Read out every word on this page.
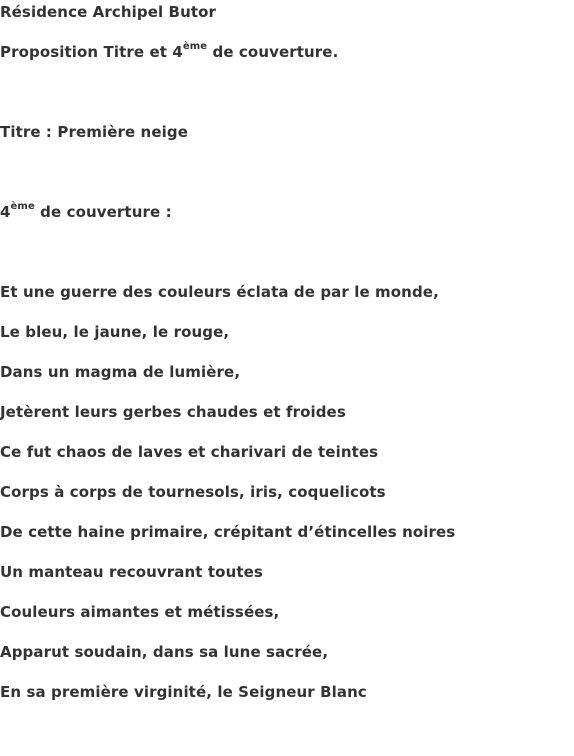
Résidence Archipel Butor
Proposition Titre et 4ème de couverture.
Titre : Première neige
4ème de couverture :
Et une guerre des couleurs éclata de par le monde,
Le bleu, le jaune, le rouge,
Dans un magma de lumière,
Jetèrent leurs gerbes chaudes et froides
Ce fut chaos de laves et charivari de teintes
Corps à corps de tournesols, iris, coquelicots
De cette haine primaire, crépitant d’étincelles noires
Un manteau recouvrant toutes
Couleurs aimantes et métissées,
Apparut soudain, dans sa lune sacrée,
En sa première virginité, le Seigneur Blanc
